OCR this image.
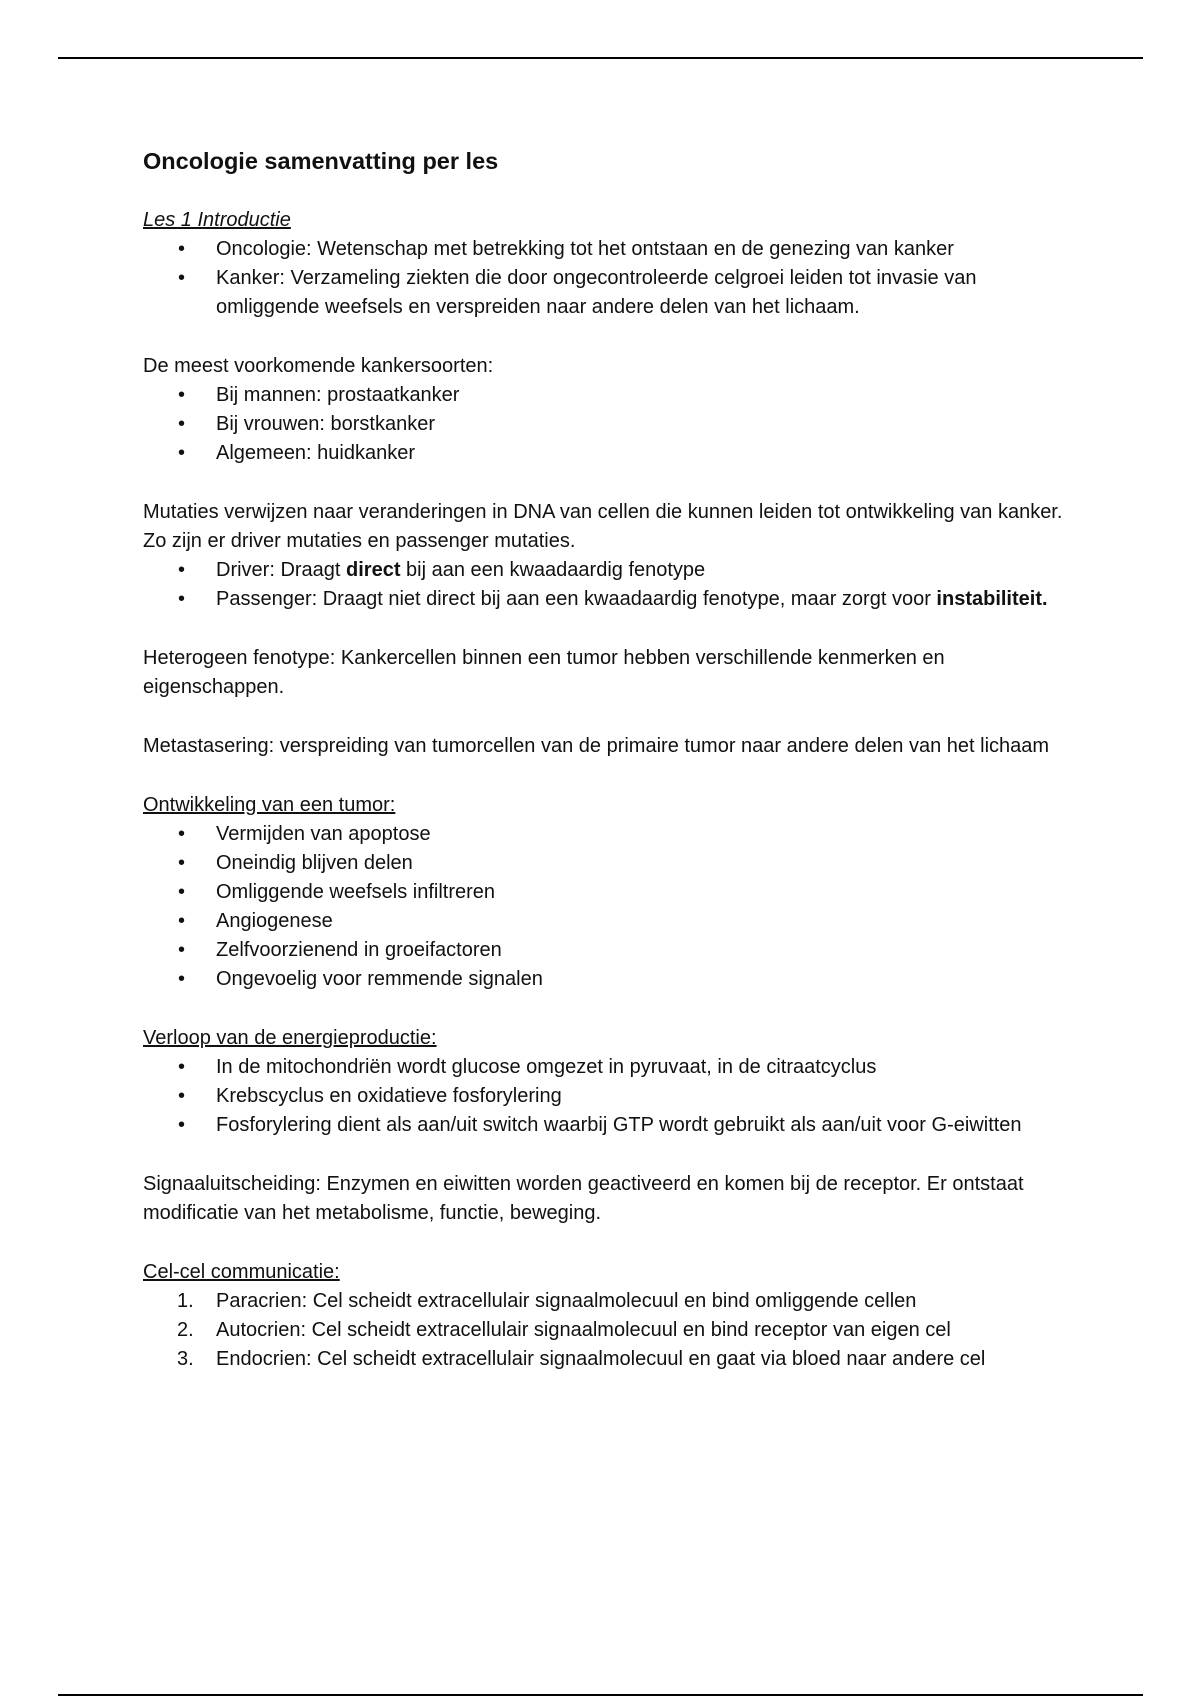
Oncologie samenvatting per les
Les 1 Introductie
• Oncologie: Wetenschap met betrekking tot het ontstaan en de genezing van kanker
• Kanker: Verzameling ziekten die door ongecontroleerde celgroei leiden tot invasie van omliggende weefsels en verspreiden naar andere delen van het lichaam.
De meest voorkomende kankersoorten:
• Bij mannen: prostaatkanker
• Bij vrouwen: borstkanker
• Algemeen: huidkanker
Mutaties verwijzen naar veranderingen in DNA van cellen die kunnen leiden tot ontwikkeling van kanker. Zo zijn er driver mutaties en passenger mutaties.
• Driver: Draagt direct bij aan een kwaadaardig fenotype
• Passenger: Draagt niet direct bij aan een kwaadaardig fenotype, maar zorgt voor instabiliteit.
Heterogeen fenotype: Kankercellen binnen een tumor hebben verschillende kenmerken en eigenschappen.
Metastasering: verspreiding van tumorcellen van de primaire tumor naar andere delen van het lichaam
Ontwikkeling van een tumor:
• Vermijden van apoptose
• Oneindig blijven delen
• Omliggende weefsels infiltreren
• Angiogenese
• Zelfvoorzienend in groeifactoren
• Ongevoelig voor remmende signalen
Verloop van de energieproductie:
• In de mitochondriën wordt glucose omgezet in pyruvaat, in de citraatcyclus
• Krebscyclus en oxidatieve fosforylering
• Fosforylering dient als aan/uit switch waarbij GTP wordt gebruikt als aan/uit voor G-eiwitten
Signaaluitscheiding: Enzymen en eiwitten worden geactiveerd en komen bij de receptor. Er ontstaat modificatie van het metabolisme, functie, beweging.
Cel-cel communicatie:
1. Paracrien: Cel scheidt extracellulair signaalmolecuul en bind omliggende cellen
2. Autocrien: Cel scheidt extracellulair signaalmolecuul en bind receptor van eigen cel
3. Endocrien: Cel scheidt extracellulair signaalmolecuul en gaat via bloed naar andere cel
